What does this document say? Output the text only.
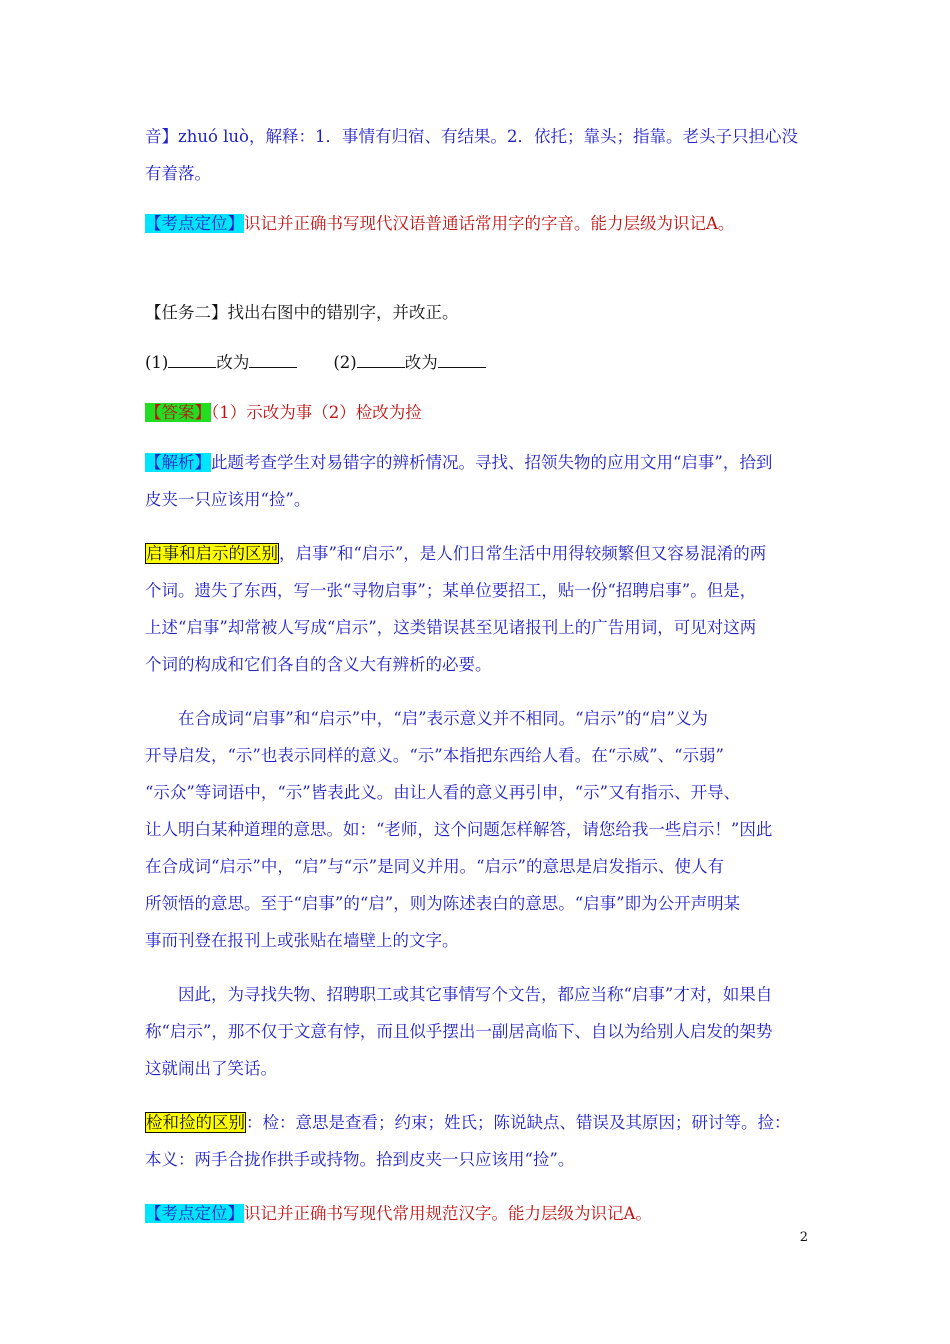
音】zhuó luò，解释：1．事情有归宿、有结果。2．依托；靠头；指靠。老头子只担心没
有着落。

【考点定位】识记并正确书写现代汉语普通话常用字的字音。能力层级为识记A。

【任务二】找出右图中的错别字，并改正。

(1)	改为	(2)	改为

【答案】（1）示改为事（2）检改为捡

【解析】此题考查学生对易错字的辨析情况。寻找、招领失物的应用文用“启事”，拾到
皮夹一只应该用“捡”。

启事和启示的区别，启事”和“启示”，是人们日常生活中用得较频繁但又容易混淆的两
个词。遗失了东西，写一张“寻物启事”；某单位要招工，贴一份“招聘启事”。但是，
上述“启事”却常被人写成“启示”，这类错误甚至见诸报刊上的广告用词，可见对这两
个词的构成和它们各自的含义大有辨析的必要。

在合成词“启事”和“启示”中，“启”表示意义并不相同。“启示”的“启”义为
开导启发，“示”也表示同样的意义。“示”本指把东西给人看。在“示威”、“示弱”
“示众”等词语中，“示”皆表此义。由让人看的意义再引申，“示”又有指示、开导、
让人明白某种道理的意思。如：“老师，这个问题怎样解答，请您给我一些启示！”因此
在合成词“启示”中，“启”与“示”是同义并用。“启示”的意思是启发指示、使人有
所领悟的意思。至于“启事”的“启”，则为陈述表白的意思。“启事”即为公开声明某
事而刊登在报刊上或张贴在墙壁上的文字。

因此，为寻找失物、招聘职工或其它事情写个文告，都应当称“启事”才对，如果自
称“启示”，那不仅于文意有悖，而且似乎摆出一副居高临下、自以为给别人启发的架势
这就闹出了笑话。

检和捡的区别：检：意思是查看；约束；姓氏；陈说缺点、错误及其原因；研讨等。捡：
本义：两手合拢作拱手或持物。拾到皮夹一只应该用“捡”。

【考点定位】识记并正确书写现代常用规范汉字。能力层级为识记A。

2
